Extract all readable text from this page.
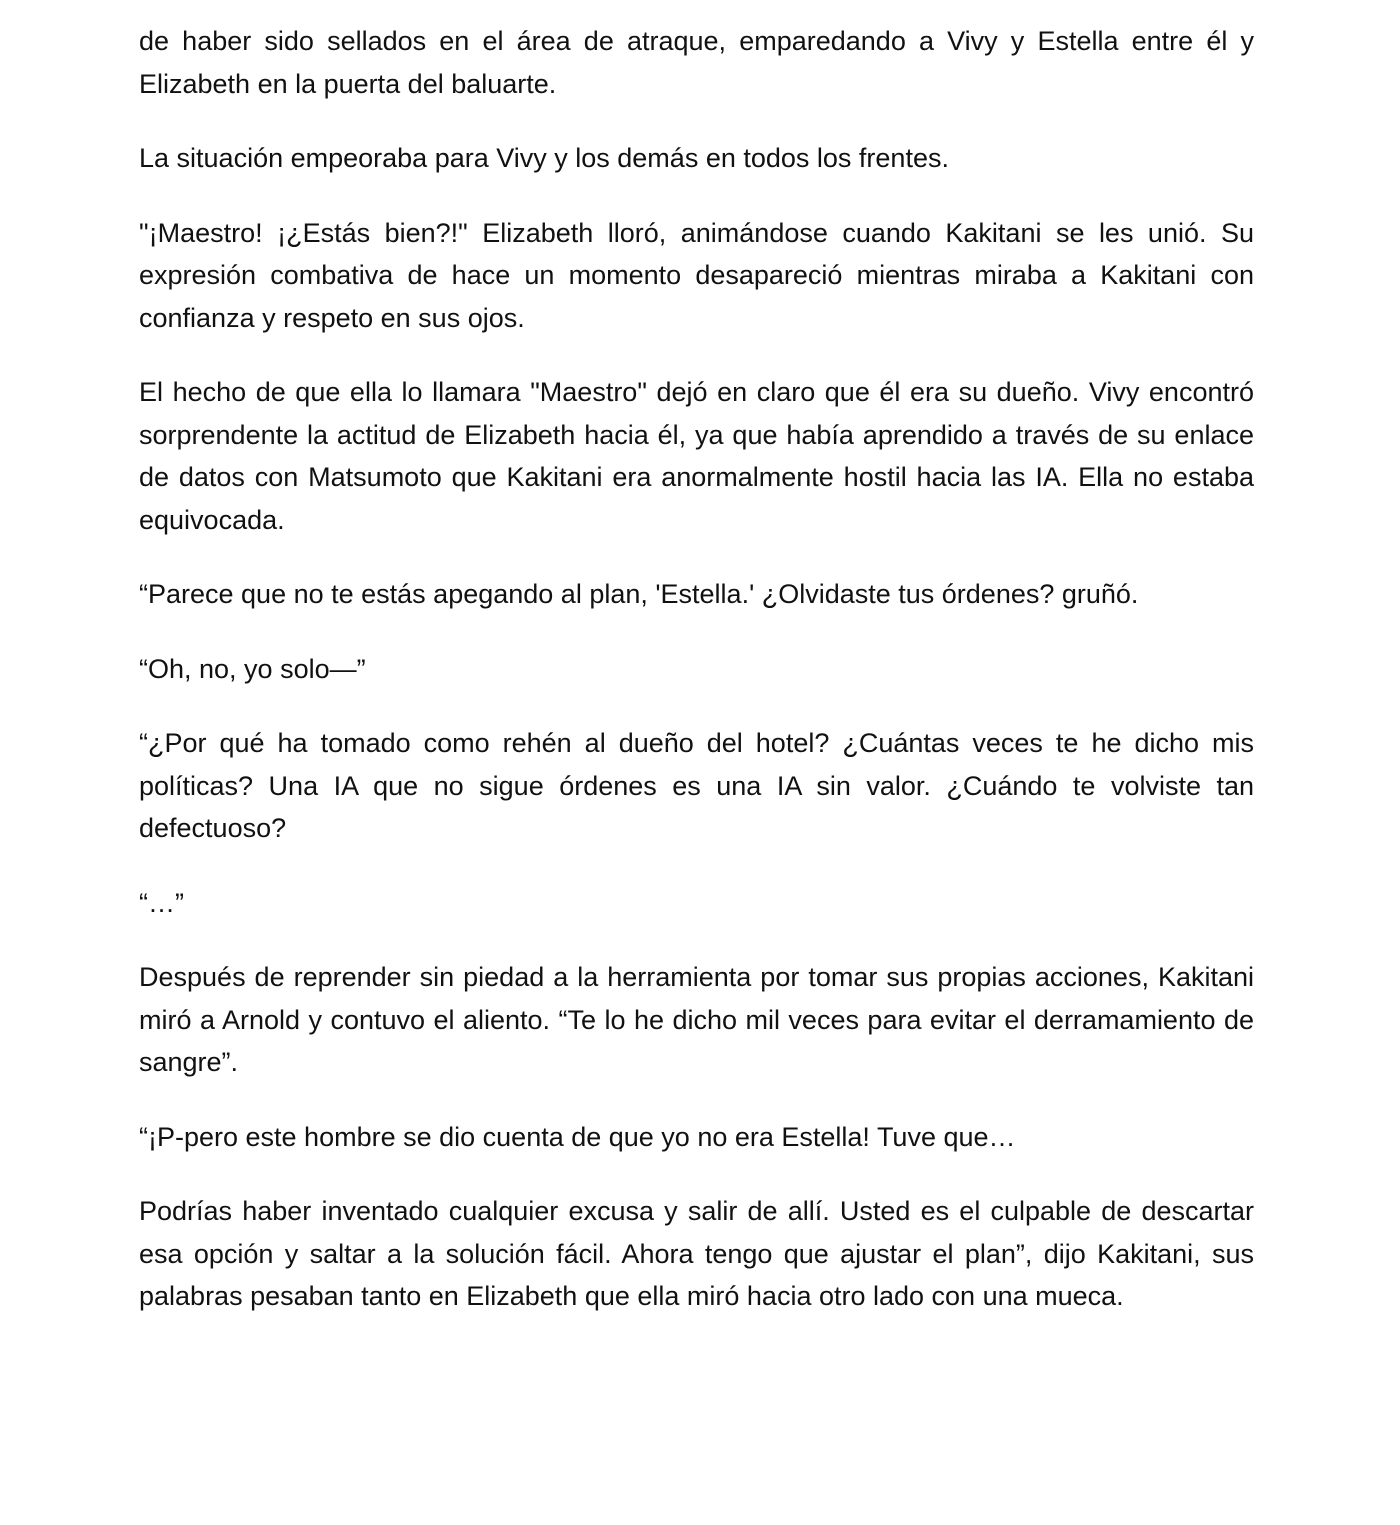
de haber sido sellados en el área de atraque, emparedando a Vivy y Estella entre él y Elizabeth en la puerta del baluarte.

La situación empeoraba para Vivy y los demás en todos los frentes.

"¡Maestro! ¡¿Estás bien?!" Elizabeth lloró, animándose cuando Kakitani se les unió. Su expresión combativa de hace un momento desapareció mientras miraba a Kakitani con confianza y respeto en sus ojos.

El hecho de que ella lo llamara "Maestro" dejó en claro que él era su dueño. Vivy encontró sorprendente la actitud de Elizabeth hacia él, ya que había aprendido a través de su enlace de datos con Matsumoto que Kakitani era anormalmente hostil hacia las IA. Ella no estaba equivocada.

“Parece que no te estás apegando al plan, 'Estella.' ¿Olvidaste tus órdenes? gruñó.

“Oh, no, yo solo—”

“¿Por qué ha tomado como rehén al dueño del hotel? ¿Cuántas veces te he dicho mis políticas? Una IA que no sigue órdenes es una IA sin valor. ¿Cuándo te volviste tan defectuoso?

“…”

Después de reprender sin piedad a la herramienta por tomar sus propias acciones, Kakitani miró a Arnold y contuvo el aliento. “Te lo he dicho mil veces para evitar el derramamiento de sangre”.

“¡P-pero este hombre se dio cuenta de que yo no era Estella! Tuve que…

Podrías haber inventado cualquier excusa y salir de allí. Usted es el culpable de descartar esa opción y saltar a la solución fácil. Ahora tengo que ajustar el plan”, dijo Kakitani, sus palabras pesaban tanto en Elizabeth que ella miró hacia otro lado con una mueca.
